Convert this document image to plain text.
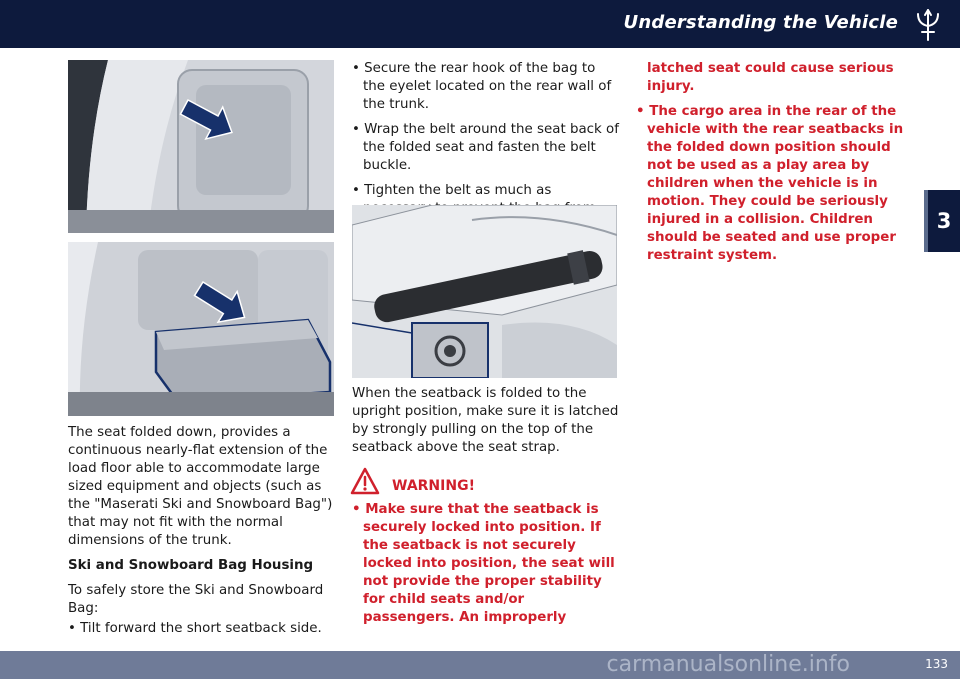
Understanding the Vehicle
3

The seat folded down, provides a continuous nearly-flat extension of the load floor able to accommodate large sized equipment and objects (such as the "Maserati Ski and Snowboard Bag") that may not fit with the normal dimensions of the trunk.

Ski and Snowboard Bag Housing

To safely store the Ski and Snowboard Bag:

• Tilt forward the short seatback side.

• Secure the rear hook of the bag to the eyelet located on the rear wall of the trunk.

• Wrap the belt around the seat back of the folded seat and fasten the belt buckle.

• Tighten the belt as much as

When the seatback is folded to the upright position, make sure it is latched by strongly pulling on the top of the seatback above the seat strap.

WARNING!

• Make sure that the seatback is securely locked into position. If the seatback is not securely locked into position, the seat will not provide the proper stability for child seats and/or passengers. An improperly

latched seat could cause serious injury.

• The cargo area in the rear of the vehicle with the rear seatbacks in the folded down position should not be used as a play area by children when the vehicle is in motion. They could be seriously injured in a collision. Children should be seated and use proper restraint system.

carmanualsonline.info	133
